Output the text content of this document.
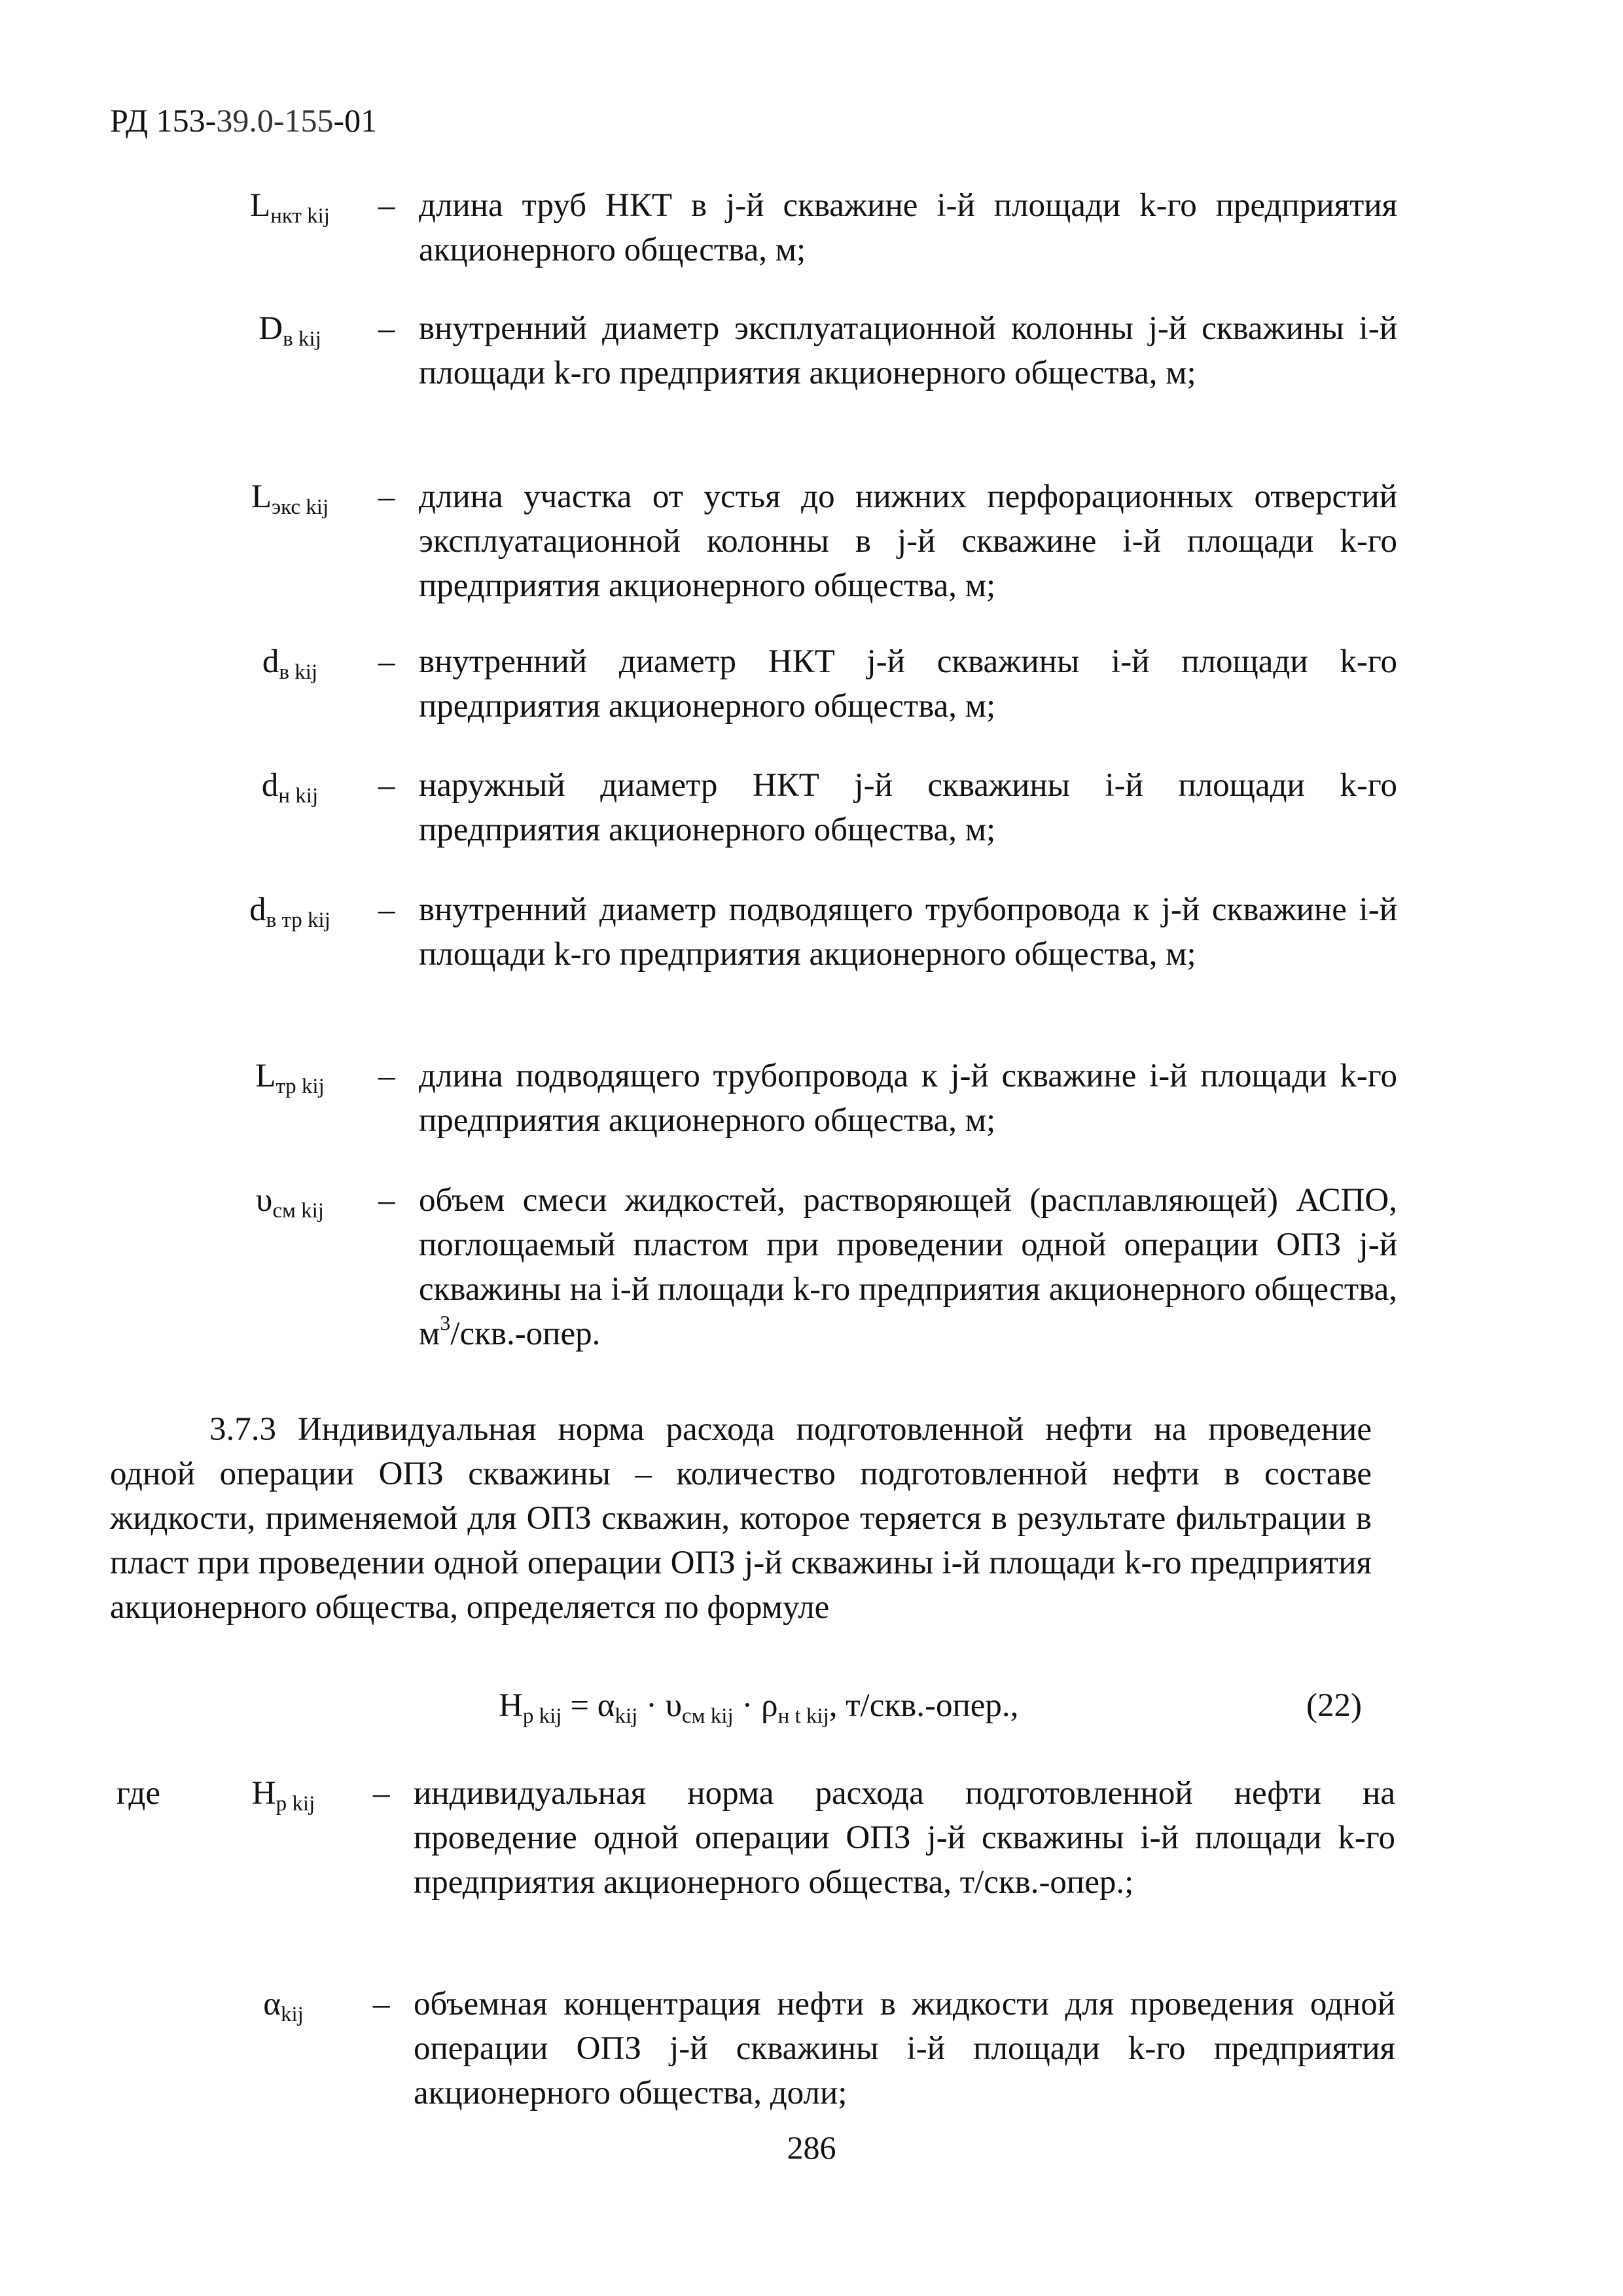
РД 153-39.0-155-01
$L_{нкт kij}$	– длина труб НКТ в j-й скважине i-й площади k-го предприятия акционерного общества, м;
$D_{в kij}$	– внутренний диаметр эксплуатационной колонны j-й скважины i-й площади k-го предприятия акционерного общества, м;
$L_{экс kij}$	– длина участка от устья до нижних перфорационных отверстий эксплуатационной колонны в j-й скважине i-й площади k-го предприятия акционерного общества, м;
$d_{в kij}$	– внутренний диаметр НКТ j-й скважины i-й площади k-го предприятия акционерного общества, м;
$d_{н kij}$	– наружный диаметр НКТ j-й скважины i-й площади k-го предприятия акционерного общества, м;
$d_{в тр kij}$	– внутренний диаметр подводящего трубопровода к j-й скважине i-й площади k-го предприятия акционерного общества, м;
$L_{тр kij}$	– длина подводящего трубопровода к j-й скважине i-й площади k-го предприятия акционерного общества, м;
$\upsilon_{см kij}$	– объем смеси жидкостей, растворяющей (расплавляющей) АСПО, поглощаемый пластом при проведении одной операции ОПЗ j-й скважины на i-й площади k-го предприятия акционерного общества, $м^3/скв$.-опер.
3.7.3 Индивидуальная норма расхода подготовленной нефти на проведение одной операции ОПЗ скважины – количество подготовленной нефти в составе жидкости, применяемой для ОПЗ скважин, которое теряется в результате фильтрации в пласт при проведении одной операции ОПЗ j-й скважины i-й площади k-го предприятия акционерного общества, определяется по формуле
$Н_{р kij} = \alpha_{kij} \cdot \upsilon_{см kij} \cdot \rho_{н t kij}$, т/скв.-опер.,	(22)
где	$Н_{р kij}$	– индивидуальная норма расхода подготовленной нефти на проведение одной операции ОПЗ j-й скважины i-й площади k-го предприятия акционерного общества, т/скв.-опер.;
$\alpha_{kij}$	– объемная концентрация нефти в жидкости для проведения одной операции ОПЗ j-й скважины i-й площади k-го предприятия акционерного общества, доли;
286
